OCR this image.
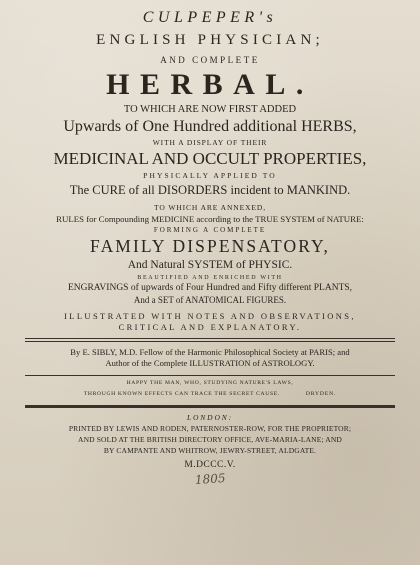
CULPEPER's
ENGLISH PHYSICIAN;
AND COMPLETE
HERBAL.
TO WHICH ARE NOW FIRST ADDED
Upwards of One Hundred additional HERBS,
WITH A DISPLAY OF THEIR
MEDICINAL AND OCCULT PROPERTIES,
PHYSICALLY APPLIED TO
The CURE of all DISORDERS incident to MANKIND.
TO WHICH ARE ANNEXED,
RULES for Compounding MEDICINE according to the TRUE SYSTEM of NATURE:
FORMING A COMPLETE
FAMILY DISPENSATORY,
And Natural SYSTEM of PHYSIC.
BEAUTIFIED AND ENRICHED WITH
ENGRAVINGS of upwards of Four Hundred and Fifty different PLANTS,
And a SET of ANATOMICAL FIGURES.
ILLUSTRATED WITH NOTES AND OBSERVATIONS,
CRITICAL AND EXPLANATORY.
By E. SIBLY, M.D. Fellow of the Harmonic Philosophical Society at PARIS; and
Author of the Complete ILLUSTRATION of ASTROLOGY.
HAPPY THE MAN, WHO, STUDYING NATURE'S LAWS,
THROUGH KNOWN EFFECTS CAN TRACE THE SECRET CAUSE.	DRYDEN.
LONDON:
PRINTED BY LEWIS AND RODEN, PATERNOSTER-ROW, FOR THE PROPRIETOR;
AND SOLD AT THE BRITISH DIRECTORY OFFICE, AVE-MARIA-LANE; AND
BY CAMPANTE AND WHITROW, JEWRY-STREET, ALDGATE.
M.DCCC.V.
1805
